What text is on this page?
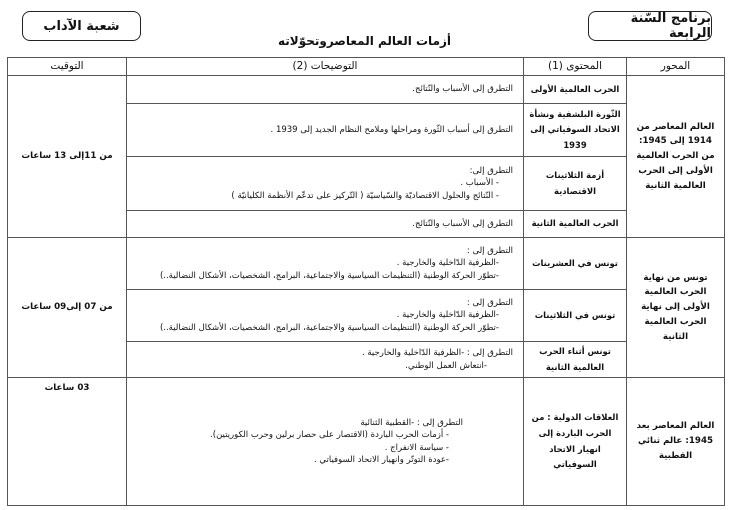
برنامج السّنة الرابعة
شعبة الآداب
أزمات العالم المعاصروتحوّلاته
المحور	المحتوى (1)	التوضيحات (2)	التوقيت
العالم المعاصر من 1914 إلى 1945: من الحرب العالمية الأولى إلى الحرب العالمية الثانية	الحرب العالمية الأولى	التطرق إلى الأسباب والنّتائج.	من 11إلى 13 ساعات
	الثّورة البلشفية ونشأة الاتحاد السوفياتي إلى 1939	التطرق إلى أسباب الثّورة ومراحلها وملامح النظام الجديد إلى 1939 .	

	أزمة الثلاثينات الاقتصادية	التطرق إلى:
- الأسباب .
- النّتائج والحلول الاقتصاديّة والسّياسيّة ( التّركيز على تدعّم الأنظمة الكليانيّة )	

	الحرب العالمية الثانية	التطرق إلى الأسباب والنّتائج.	

تونس من نهاية الحرب العالمية الأولى إلى نهاية الحرب العالمية الثانية	تونس في العشرينات	التطرق إلى :
-الظرفية الدّاخلية والخارجية .
-تطوّر الحركة الوطنية (التنظيمات السياسية والاجتماعية، البرامج، الشخصيات، الأشكال النضالية..)	من 07 إلى09 ساعات
	تونس في الثلاثينات	التطرق إلى :
-الظرفية الدّاخلية والخارجية .
-تطوّر الحركة الوطنية (التنظيمات السياسية والاجتماعية، البرامج، الشخصيات، الأشكال النضالية..)	

	تونس أثناء الحرب العالمية الثانية	التطرق إلى : -الظرفية الدّاخلية والخارجية .
-انتعاش العمل الوطني.	

العالم المعاصر بعد 1945: عالم ثنائي القطبية	العلاقات الدولية : من الحرب الباردة إلى انهيار الاتحاد السوفياتي	التطرق إلى : -القطبية الثنائية
- أزمات الحرب الباردة (الاقتصار على حصار برلين وحرب الكوريتين).
- سياسة الانفراج .
-عودة التوتّر وانهيار الاتحاد السوفياتي .	03 ساعات
